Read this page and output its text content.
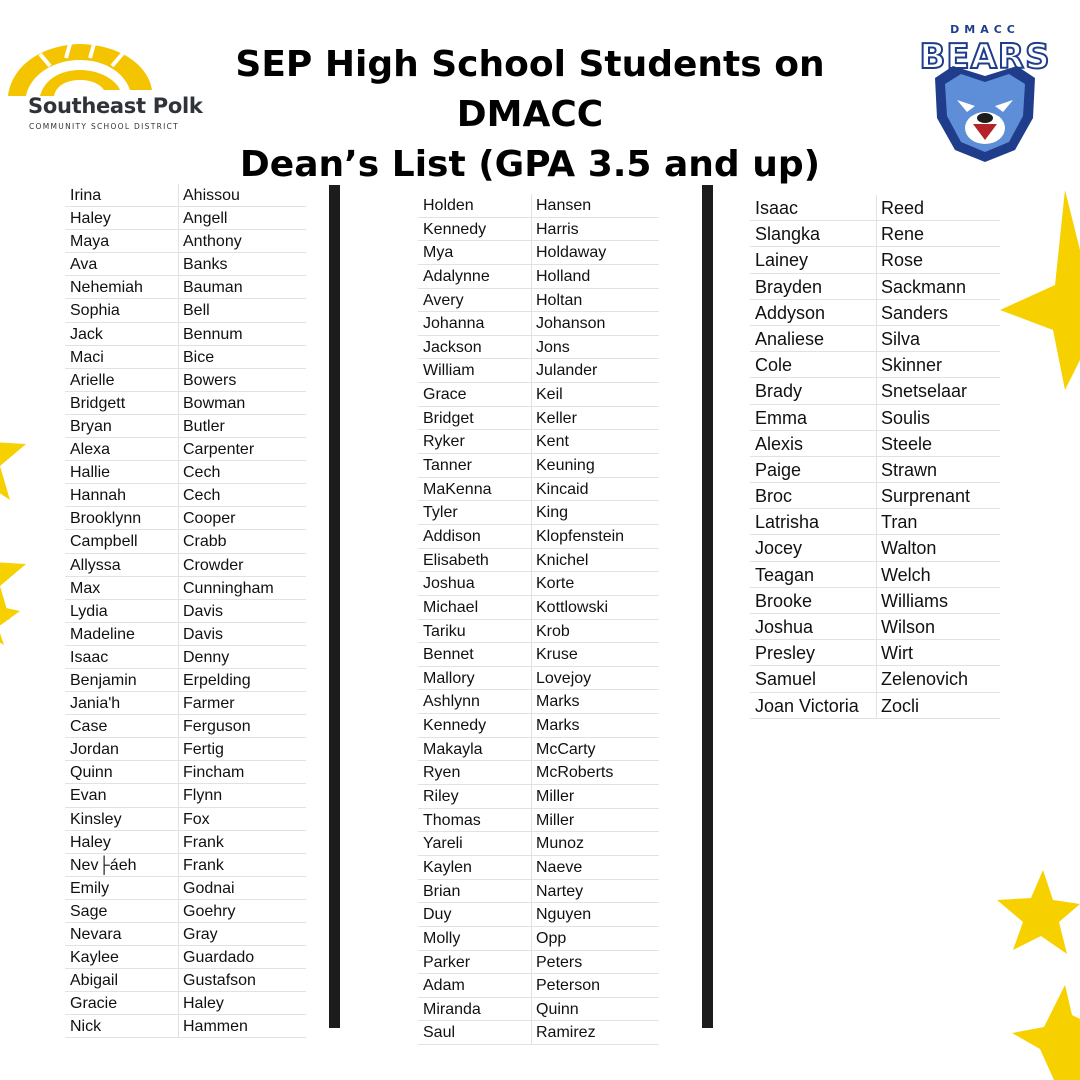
Southeast Polk
COMMUNITY SCHOOL DISTRICT
SEP High School Students on DMACC
Dean’s List (GPA 3.5 and up)
DMACC
BEARS
Irina	Ahissou
Haley	Angell
Maya	Anthony
Ava	Banks
Nehemiah	Bauman
Sophia	Bell
Jack	Bennum
Maci	Bice
Arielle	Bowers
Bridgett	Bowman
Bryan	Butler
Alexa	Carpenter
Hallie	Cech
Hannah	Cech
Brooklynn	Cooper
Campbell	Crabb
Allyssa	Crowder
Max	Cunningham
Lydia	Davis
Madeline	Davis
Isaac	Denny
Benjamin	Erpelding
Jania'h	Farmer
Case	Ferguson
Jordan	Fertig
Quinn	Fincham
Evan	Flynn
Kinsley	Fox
Haley	Frank
Nev├áeh	Frank
Emily	Godnai
Sage	Goehry
Nevara	Gray
Kaylee	Guardado
Abigail	Gustafson
Gracie	Haley
Nick	Hammen
Holden	Hansen
Kennedy	Harris
Mya	Holdaway
Adalynne	Holland
Avery	Holtan
Johanna	Johanson
Jackson	Jons
William	Julander
Grace	Keil
Bridget	Keller
Ryker	Kent
Tanner	Keuning
MaKenna	Kincaid
Tyler	King
Addison	Klopfenstein
Elisabeth	Knichel
Joshua	Korte
Michael	Kottlowski
Tariku	Krob
Bennet	Kruse
Mallory	Lovejoy
Ashlynn	Marks
Kennedy	Marks
Makayla	McCarty
Ryen	McRoberts
Riley	Miller
Thomas	Miller
Yareli	Munoz
Kaylen	Naeve
Brian	Nartey
Duy	Nguyen
Molly	Opp
Parker	Peters
Adam	Peterson
Miranda	Quinn
Saul	Ramirez
Isaac	Reed
Slangka	Rene
Lainey	Rose
Brayden	Sackmann
Addyson	Sanders
Analiese	Silva
Cole	Skinner
Brady	Snetselaar
Emma	Soulis
Alexis	Steele
Paige	Strawn
Broc	Surprenant
Latrisha	Tran
Jocey	Walton
Teagan	Welch
Brooke	Williams
Joshua	Wilson
Presley	Wirt
Samuel	Zelenovich
Joan Victoria	Zocli
